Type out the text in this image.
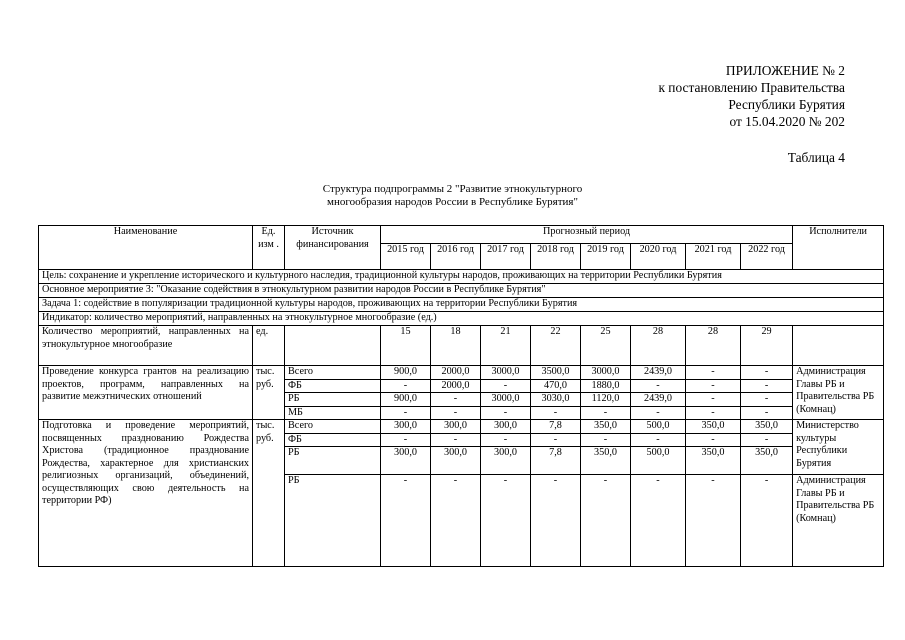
ПРИЛОЖЕНИЕ № 2
к постановлению Правительства
Республики Бурятия
от 15.04.2020 № 202
Таблица 4
Структура подпрограммы 2 "Развитие этнокультурного
многообразия народов России в Республике Бурятия"
Наименование	Ед. изм .	Источник финансирования	Прогнозный период								Исполнители
			2015 год	2016 год	2017 год	2018 год	2019 год	2020 год	2021 год	2022 год	
Цель: сохранение и укрепление исторического и культурного наследия, традиционной культуры народов, проживающих на территории Республики Бурятия											
Основное мероприятие 3: "Оказание содействия в этнокультурном развитии народов России в Республике Бурятия"											
Задача 1: содействие в популяризации традиционной культуры народов, проживающих на территории Республики Бурятия											
Индикатор: количество мероприятий, направленных на этнокультурное многообразие (ед.)											
Количество мероприятий, направленных на этнокультурное многообразие	ед.		15	18	21	22	25	28	28	29	
Проведение конкурса грантов на реализацию проектов, программ, направленных на развитие межэтнических отношений	тыс. руб.	Всего	900,0	2000,0	3000,0	3500,0	3000,0	2439,0	-	-	Администрация Главы РБ и Правительства РБ (Комнац)
		ФБ	-	2000,0	-	470,0	1880,0	-	-	-	
		РБ	900,0	-	3000,0	3030,0	1120,0	2439,0	-	-	
		МБ	-	-	-	-	-	-	-	-	
Подготовка и проведение мероприятий, посвященных празднованию Рождества Христова (традиционное празднование Рождества, характерное для христианских религиозных организаций, объединений, осуществляющих свою деятельность на территории РФ)	тыс. руб.	Всего	300,0	300,0	300,0	7,8	350,0	500,0	350,0	350,0	Министерство культуры Республики Бурятия
		ФБ	-	-	-	-	-	-	-	-	
		РБ	300,0	300,0	300,0	7,8	350,0	500,0	350,0	350,0	
		РБ	-	-	-	-	-	-	-	-	Администрация Главы РБ и Правительства РБ (Комнац)
